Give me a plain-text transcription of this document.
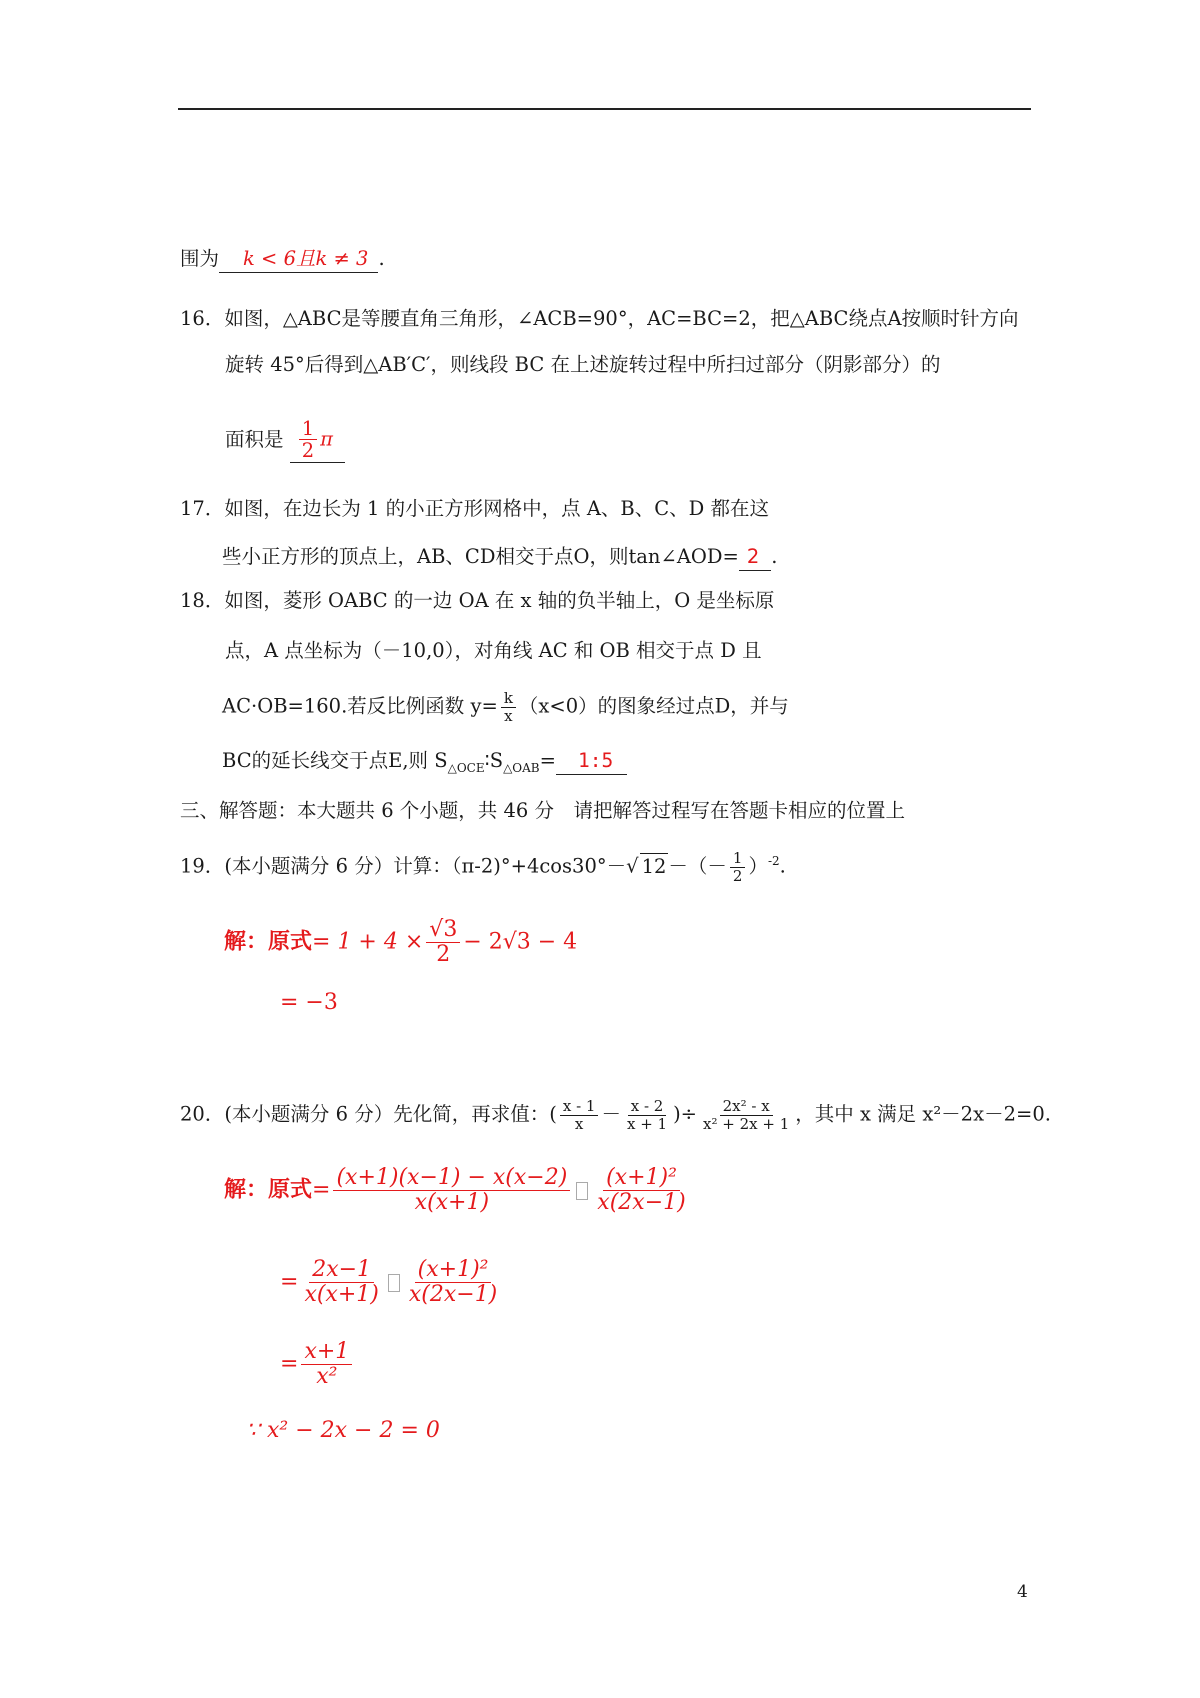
围为 k < 6且k ≠ 3 .
16．如图，△ABC是等腰直角三角形，∠ACB=90°，AC=BC=2，把△ABC绕点A按顺时针方向
旋转 45°后得到△AB′C′，则线段 BC 在上述旋转过程中所扫过部分（阴影部分）的
面积是 $\frac{1}{2}$ π
17．如图，在边长为 1 的小正方形网格中，点 A、B、C、D 都在这
些小正方形的顶点上，AB、CD相交于点O，则tan∠AOD= 2 .
18．如图，菱形 OABC 的一边 OA 在 x 轴的负半轴上，O 是坐标原
点，A 点坐标为（－10,0），对角线 AC 和 OB 相交于点 D 且
AC·OB=160.若反比例函数 $y= \frac{k}{x} (x<0)$的图象经过点D，并与
BC的延长线交于点E,则 $S_{\triangle OCE}∶S_{\triangle OAB}=$ 1:5
三、解答题：本大题共 6 个小题，共 46 分　请把解答过程写在答题卡相应的位置上
19．(本小题满分 6 分）计算：（π-2)°+4cos30°－√ 12 －（－ $\frac{1}{2} )^{-2}$.
解：原式= $1 + 4 \times \frac{√3}{2} - 2√3 - 4$
= −3
20．(本小题满分 6 分）先化简，再求值：( $\frac{x - 1}{x} - \frac{x - 2}{x + 1}$ )÷ $\frac{\text{2x² - x}}{\text{x² + 2x + 1}}$ ，其中 x 满足 x²－2x－2=0.
解：原式= $\frac{(x+1)(x-1) - x(x-2)}{x(x+1)} \frac{\text{(x+1)²}}{x(2x-1)}$
= $\frac{2x-1}{x(x+1)} \frac{\text{(x+1)²}}{x(2x-1)}$
= $\frac{x+1}{\text{x²}}$
∵ x² − 2x − 2 = 0
4
